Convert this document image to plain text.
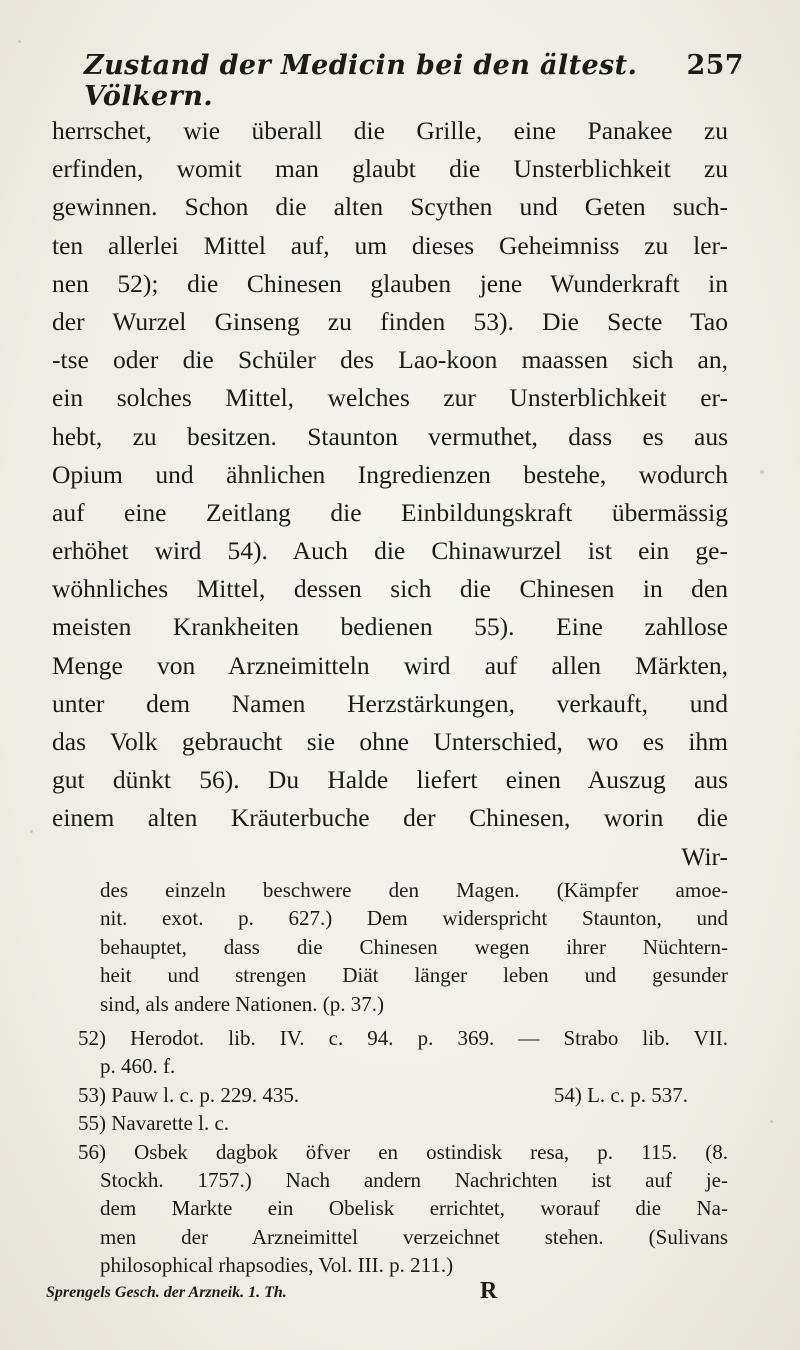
Zustand der Medicin bei den ältest. Völkern.
257
herrschet, wie überall die Grille, eine Panakee zu
erfinden, womit man glaubt die Unsterblichkeit zu
gewinnen. Schon die alten Scythen und Geten such-
ten allerlei Mittel auf, um dieses Geheimniss zu ler-
nen 52); die Chinesen glauben jene Wunderkraft in
der Wurzel Ginseng zu finden 53). Die Secte Tao
-tse oder die Schüler des Lao-koon maassen sich an,
ein solches Mittel, welches zur Unsterblichkeit er-
hebt, zu besitzen. Staunton vermuthet, dass es aus
Opium und ähnlichen Ingredienzen bestehe, wodurch
auf eine Zeitlang die Einbildungskraft übermässig
erhöhet wird 54). Auch die Chinawurzel ist ein ge-
wöhnliches Mittel, dessen sich die Chinesen in den
meisten Krankheiten bedienen 55). Eine zahllose
Menge von Arzneimitteln wird auf allen Märkten,
unter dem Namen Herzstärkungen, verkauft, und
das Volk gebraucht sie ohne Unterschied, wo es ihm
gut dünkt 56). Du Halde liefert einen Auszug aus
einem alten Kräuterbuche der Chinesen, worin die
Wir-
des einzeln beschwere den Magen. (Kämpfer amoe-
nit. exot. p. 627.) Dem widerspricht Staunton, und
behauptet, dass die Chinesen wegen ihrer Nüchtern-
heit und strengen Diät länger leben und gesunder
sind, als andere Nationen. (p. 37.)
52) Herodot. lib. IV. c. 94. p. 369. — Strabo lib. VII.
p. 460. f.
53) Pauw l. c. p. 229. 435.	54) L. c. p. 537.
55) Navarette l. c.
56) Osbek dagbok öfver en ostindisk resa, p. 115. (8.
Stockh. 1757.) Nach andern Nachrichten ist auf je-
dem Markte ein Obelisk errichtet, worauf die Na-
men der Arzneimittel verzeichnet stehen. (Sulivans
philosophical rhapsodies, Vol. III. p. 211.)
Sprengels Gesch. der Arzneik. 1. Th.	R
